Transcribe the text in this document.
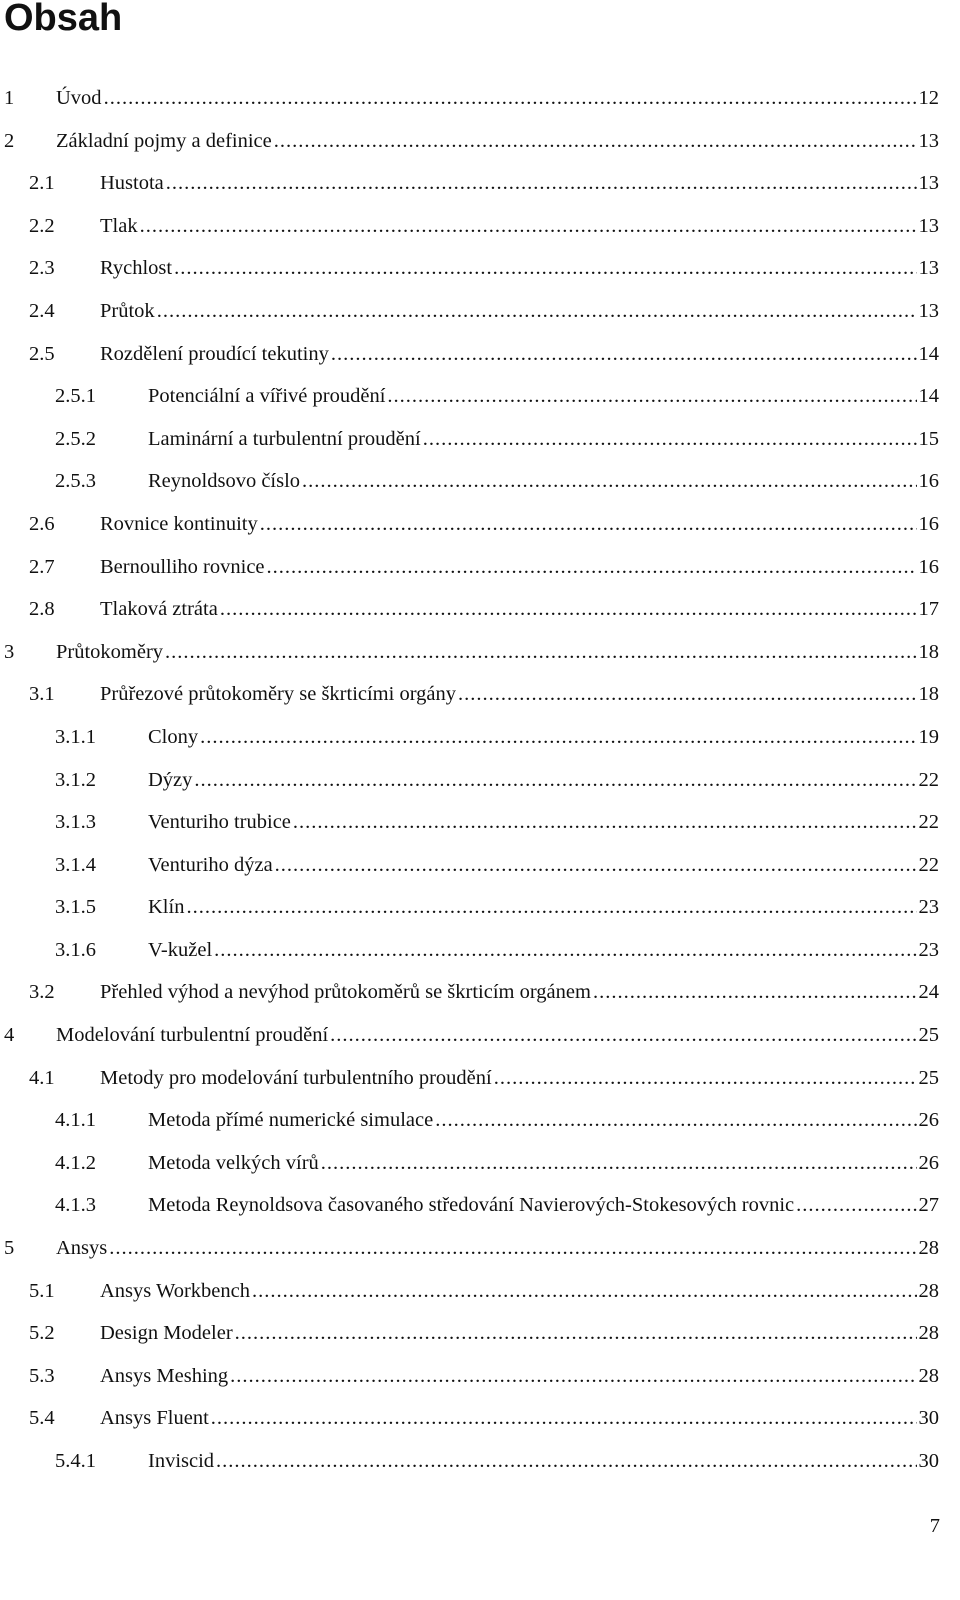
Obsah
1 Úvod .....	12
2 Základní pojmy a definice .....	13
2.1 Hustota .....	13
2.2 Tlak .....	13
2.3 Rychlost .....	13
2.4 Průtok .....	13
2.5 Rozdělení proudící tekutiny .....	14
2.5.1	Potenciální a vířivé proudění .....	14
2.5.2	Laminární a turbulentní proudění .....	15
2.5.3	Reynoldsovo číslo .....	16
2.6 Rovnice kontinuity .....	16
2.7 Bernoulliho rovnice .....	16
2.8 Tlaková ztráta .....	17
3 Průtokoměry .....	18
3.1 Průřezové průtokoměry se škrticími orgány .....	18
3.1.1	Clony .....	19
3.1.2	Dýzy .....	22
3.1.3	Venturiho trubice .....	22
3.1.4	Venturiho dýza .....	22
3.1.5	Klín .....	23
3.1.6	V-kužel .....	23
3.2 Přehled výhod a nevýhod průtokoměrů se škrticím orgánem .....	24
4 Modelování turbulentní proudění .....	25
4.1 Metody pro modelování turbulentního proudění .....	25
4.1.1	Metoda přímé numerické simulace .....	26
4.1.2	Metoda velkých vírů .....	26
4.1.3	Metoda Reynoldsova časovaného středování Navierových-Stokesových rovnic .....	27
5 Ansys .....	28
5.1 Ansys Workbench .....	28
5.2 Design Modeler .....	28
5.3 Ansys Meshing .....	28
5.4 Ansys Fluent .....	30
5.4.1	Inviscid .....	30
7
